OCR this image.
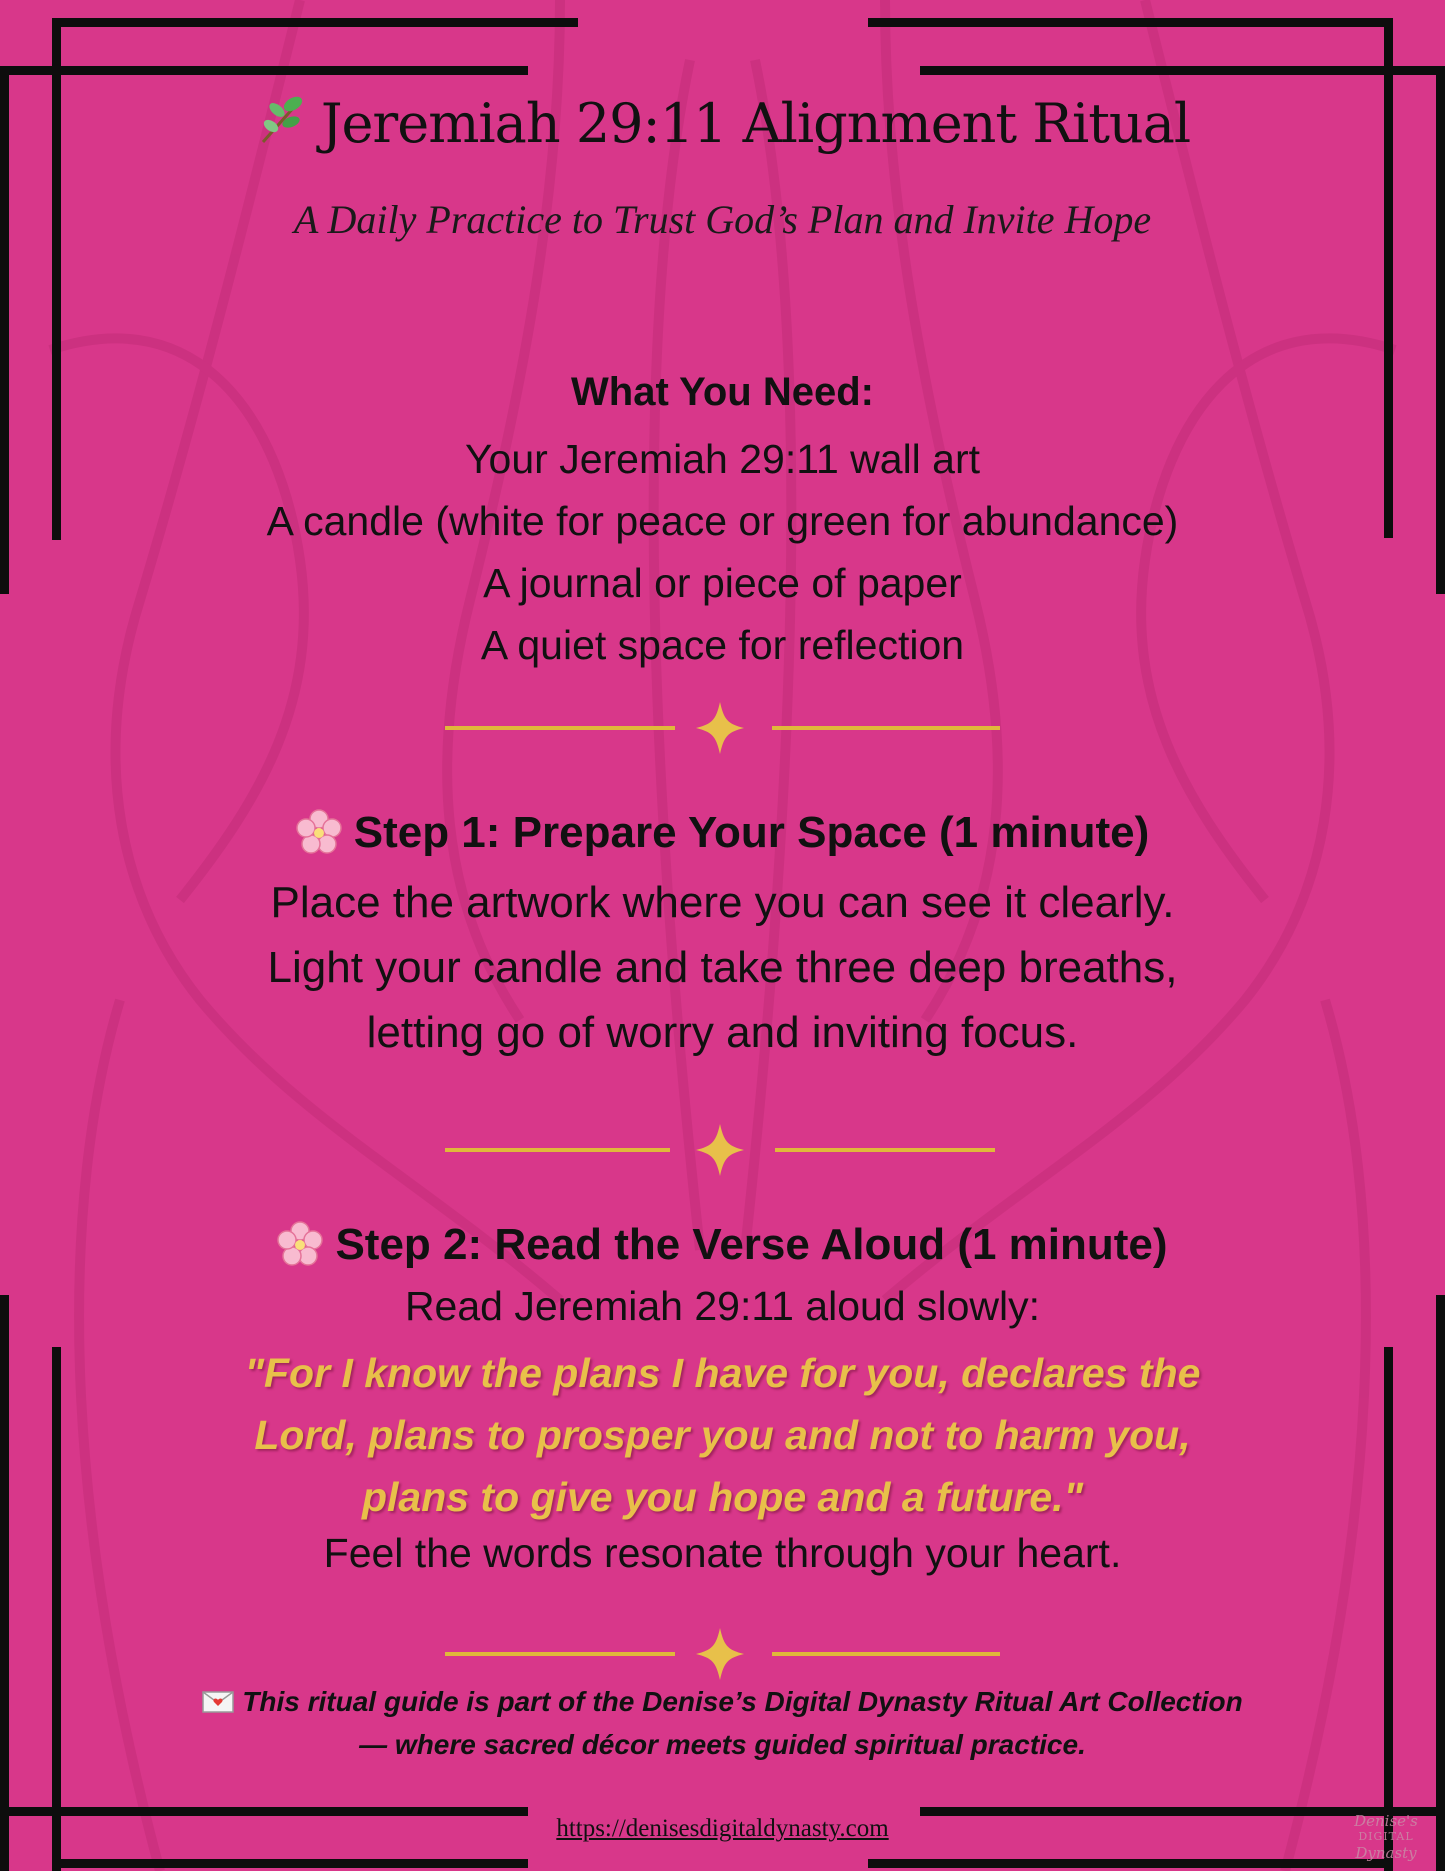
Jeremiah 29:11 Alignment Ritual
A Daily Practice to Trust God’s Plan and Invite Hope
What You Need:
Your Jeremiah 29:11 wall art
A candle (white for peace or green for abundance)
A journal or piece of paper
A quiet space for reflection
Step 1: Prepare Your Space (1 minute)
Place the artwork where you can see it clearly.
Light your candle and take three deep breaths,
letting go of worry and inviting focus.
Step 2: Read the Verse Aloud (1 minute)
Read Jeremiah 29:11 aloud slowly:
"For I know the plans I have for you, declares the
Lord, plans to prosper you and not to harm you,
plans to give you hope and a future."
Feel the words resonate through your heart.
This ritual guide is part of the Denise’s Digital Dynasty Ritual Art Collection
— where sacred décor meets guided spiritual practice.
https://denisesdigitaldynasty.com	Denise's
DIGITAL
Dynasty
